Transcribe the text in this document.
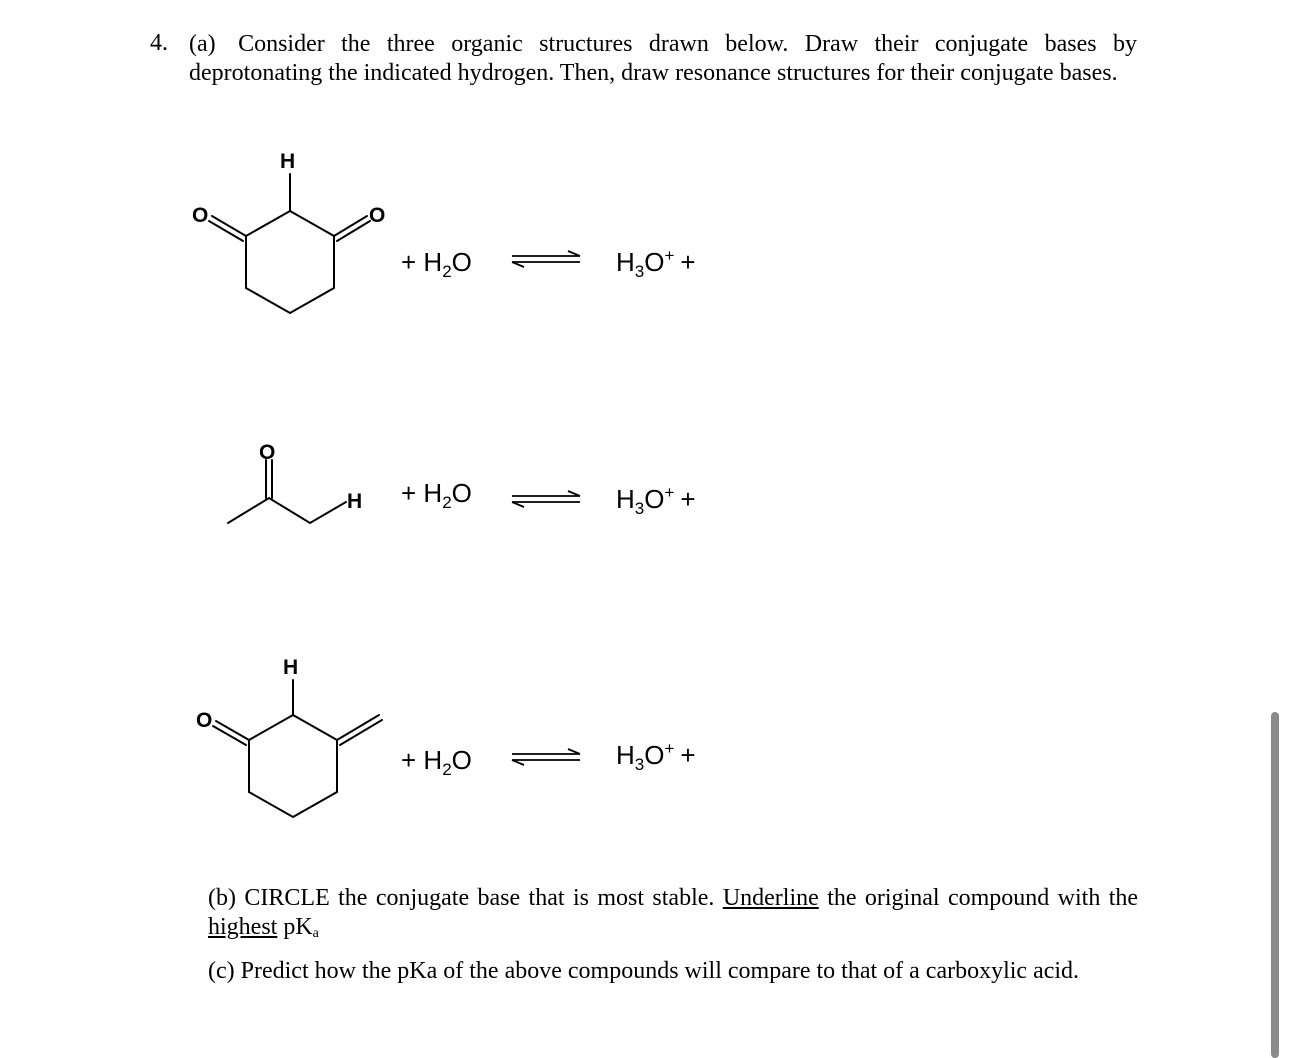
4. (a) Consider the three organic structures drawn below. Draw their conjugate bases by deprotonating the indicated hydrogen. Then, draw resonance structures for their conjugate bases.
H
O	O
O
H
H
O
+ $H_2O$	$H_3O^+$ +
+ $H_2O$	$H_3O^+$ +
+ $H_2O$	$H_3O^+$ +
(b) CIRCLE the conjugate base that is most stable. Underline the original compound with the highest pKa
(c) Predict how the pKa of the above compounds will compare to that of a carboxylic acid.
